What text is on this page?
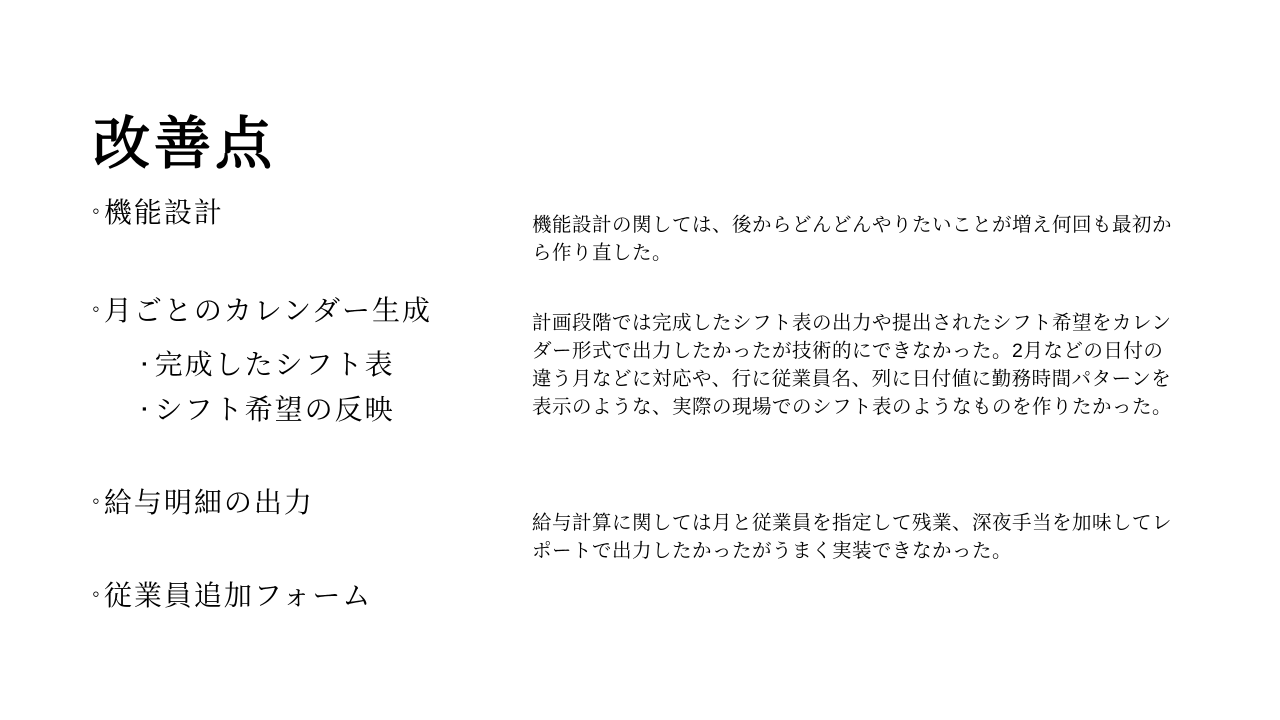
改善点
◦ 機能設計
◦ 月ごとのカレンダー生成
▪ 完成したシフト表
▪ シフト希望の反映
◦ 給与明細の出力
◦ 従業員追加フォーム

機能設計の関しては、後からどんどんやりたいことが増え何回も最初から作り直した。

計画段階では完成したシフト表の出力や提出されたシフト希望をカレンダー形式で出力したかったが技術的にできなかった。2月などの日付の違う月などに対応や、行に従業員名、列に日付値に勤務時間パターンを表示のような、実際の現場でのシフト表のようなものを作りたかった。

給与計算に関しては月と従業員を指定して残業、深夜手当を加味してレポートで出力したかったがうまく実装できなかった。
